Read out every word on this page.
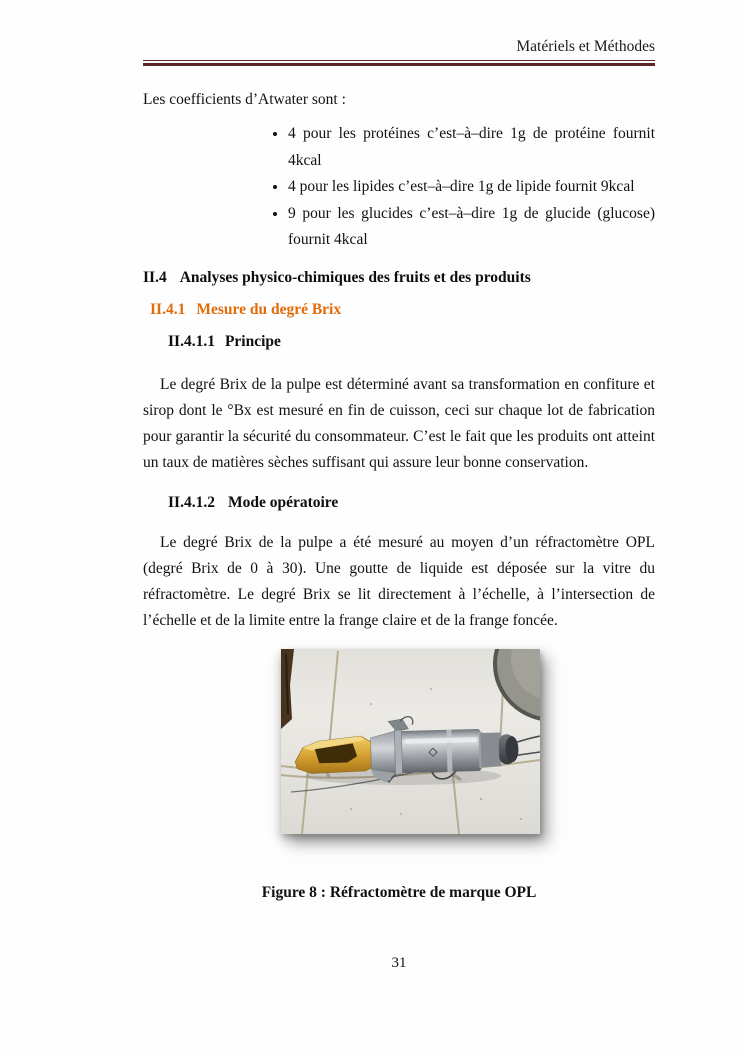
Matériels et Méthodes

Les coefficients d’Atwater sont :

• 4 pour les protéines c’est–à–dire 1g de protéine fournit 4kcal
• 4 pour les lipides c’est–à–dire 1g de lipide fournit 9kcal
• 9 pour les glucides c’est–à–dire 1g de glucide (glucose) fournit 4kcal
II.4 Analyses physico-chimiques des fruits et des produits
II.4.1 Mesure du degré Brix
II.4.1.1 Principe

Le degré Brix de la pulpe est déterminé avant sa transformation en confiture et sirop dont le °Bx est mesuré en fin de cuisson, ceci sur chaque lot de fabrication pour garantir la sécurité du consommateur. C’est le fait que les produits ont atteint un taux de matières sèches suffisant qui assure leur bonne conservation.

II.4.1.2 Mode opératoire

Le degré Brix de la pulpe a été mesuré au moyen d’un réfractomètre OPL (degré Brix de 0 à 30). Une goutte de liquide est déposée sur la vitre du réfractomètre. Le degré Brix se lit directement à l’échelle, à l’intersection de l’échelle et de la limite entre la frange claire et de la frange foncée.

Figure 8 : Réfractomètre de marque OPL
31
